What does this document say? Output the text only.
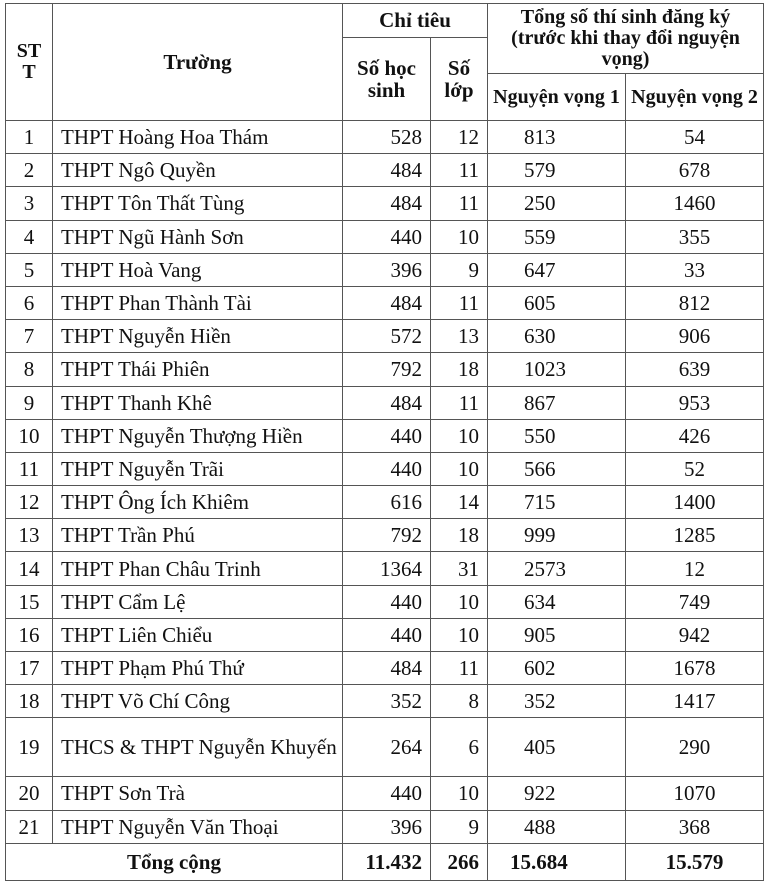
ST T	Trường	Chỉ tiêu		Tổng số thí sinh đăng ký (trước khi thay đổi nguyện vọng)	
		Số học sinh	Số lớp		
				Nguyện vọng 1	Nguyện vọng 2
1	THPT Hoàng Hoa Thám	528	12	813	54
2	THPT Ngô Quyền	484	11	579	678
3	THPT Tôn Thất Tùng	484	11	250	1460
4	THPT Ngũ Hành Sơn	440	10	559	355
5	THPT Hoà Vang	396	9	647	33
6	THPT Phan Thành Tài	484	11	605	812
7	THPT Nguyễn Hiền	572	13	630	906
8	THPT Thái Phiên	792	18	1023	639
9	THPT Thanh Khê	484	11	867	953
10	THPT Nguyễn Thượng Hiền	440	10	550	426
11	THPT Nguyễn Trãi	440	10	566	52
12	THPT Ông Ích Khiêm	616	14	715	1400
13	THPT Trần Phú	792	18	999	1285
14	THPT Phan Châu Trinh	1364	31	2573	12
15	THPT Cẩm Lệ	440	10	634	749
16	THPT Liên Chiểu	440	10	905	942
17	THPT Phạm Phú Thứ	484	11	602	1678
18	THPT Võ Chí Công	352	8	352	1417
19	THCS & THPT Nguyễn Khuyến	264	6	405	290
20	THPT Sơn Trà	440	10	922	1070
21	THPT Nguyễn Văn Thoại	396	9	488	368
Tổng cộng		11.432	266	15.684	15.579
